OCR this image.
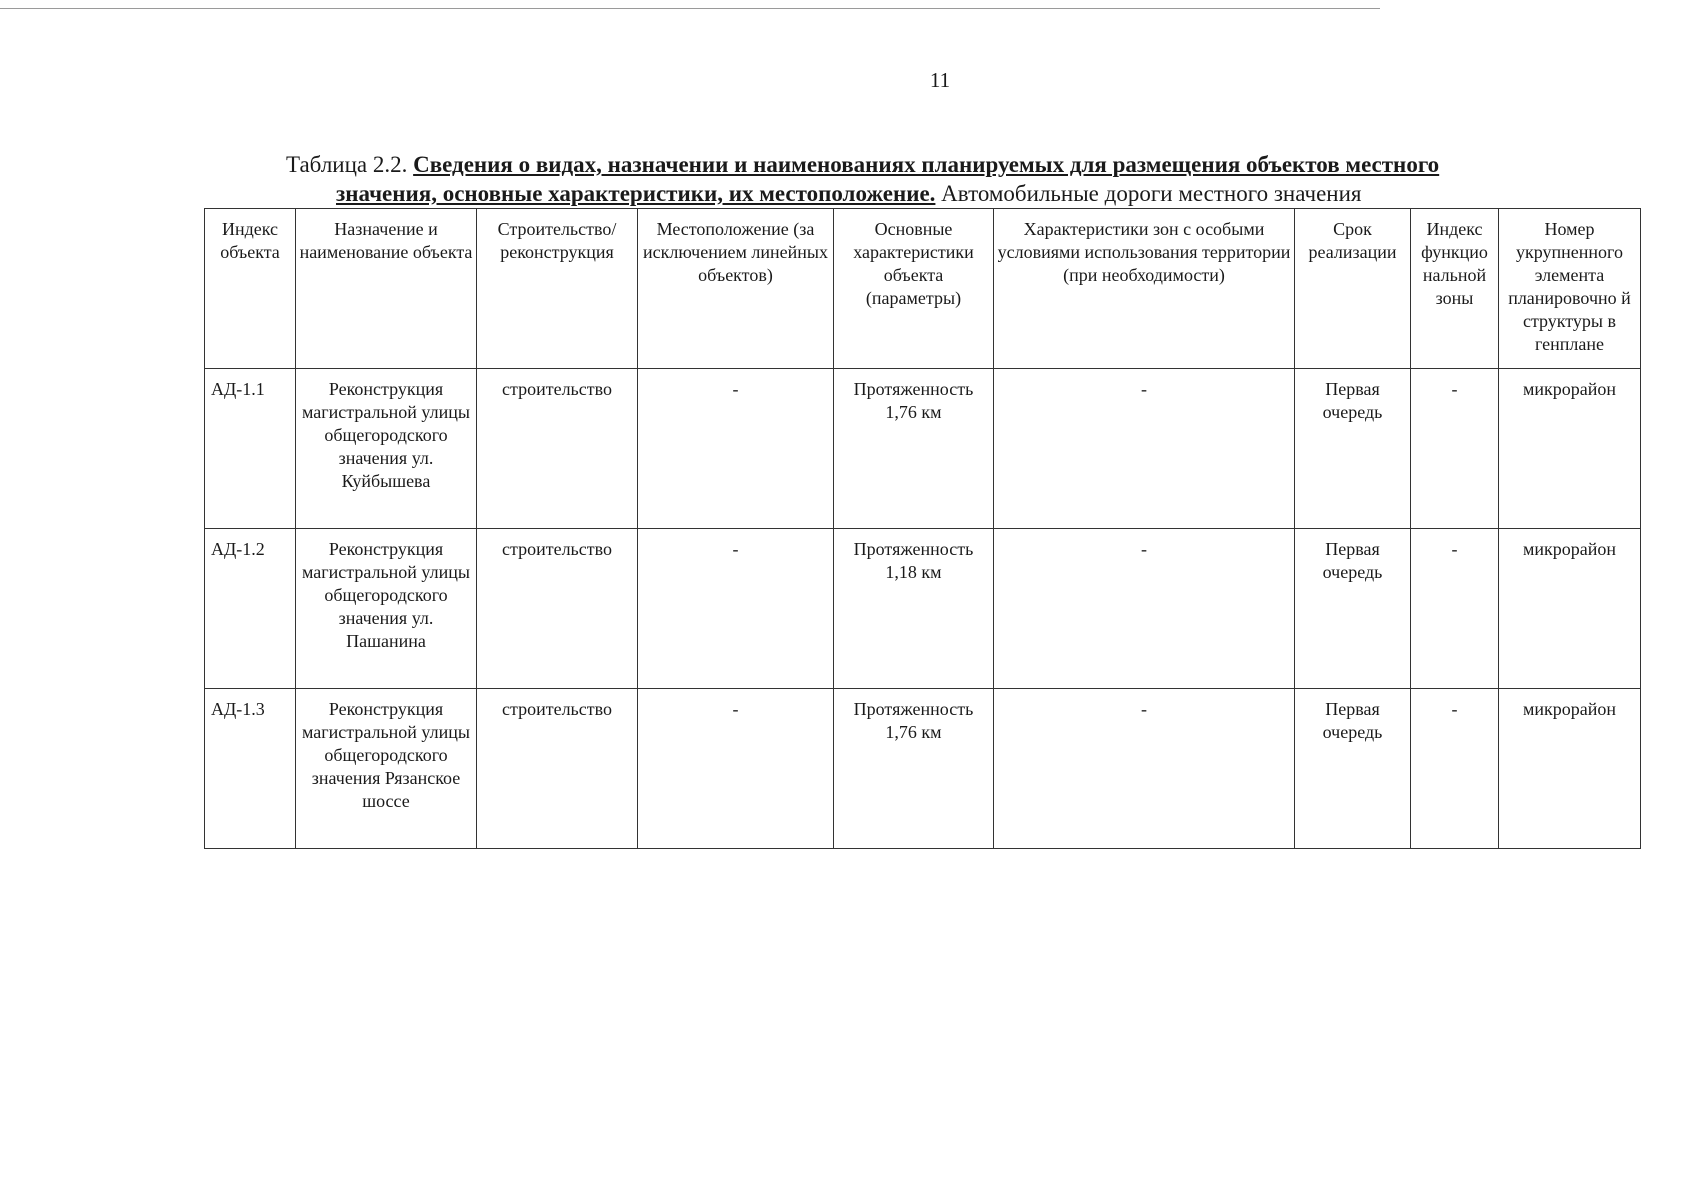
11
Таблица 2.2. Сведения о видах, назначении и наименованиях планируемых для размещения объектов местного
значения, основные характеристики, их местоположение. Автомобильные дороги местного значения
Индекс объекта	Назначение и наименование объекта	Строительство/ реконструкция	Местоположение (за исключением линейных объектов)	Основные характеристики объекта (параметры)	Характеристики зон с особыми условиями использования территории (при необходимости)	Срок реализации	Индекс функцио нальной зоны	Номер укрупненного элемента планировочно й структуры в генплане
АД-1.1	Реконструкция магистральной улицы общегородского значения ул. Куйбышева	строительство	-	Протяженность 1,76 км	-	Первая очередь	-	микрорайон
АД-1.2	Реконструкция магистральной улицы общегородского значения ул. Пашанина	строительство	-	Протяженность 1,18 км	-	Первая очередь	-	микрорайон
АД-1.3	Реконструкция магистральной улицы общегородского значения Рязанское шоссе	строительство	-	Протяженность 1,76 км	-	Первая очередь	-	микрорайон
